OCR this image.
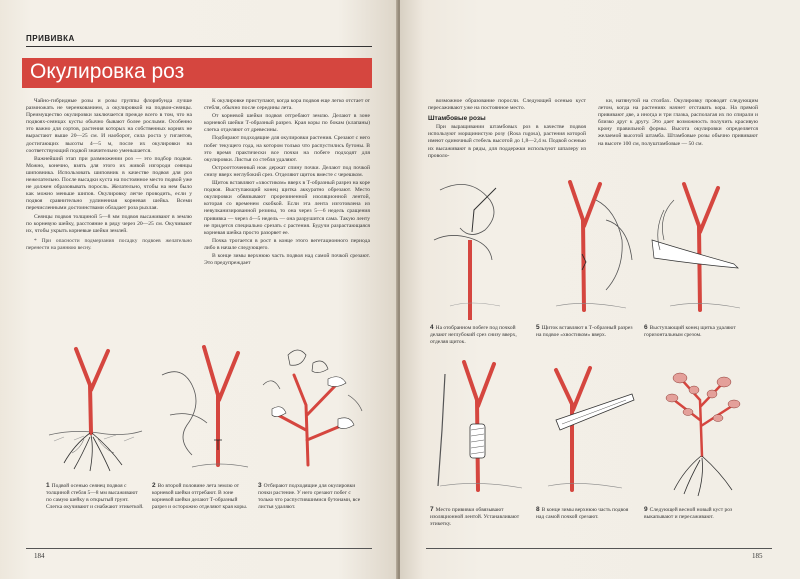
ПРИВИВКА
Окулировка роз

Чайно-гибридные розы и розы группы флорибунда лучше размножать не черенкованием, а окулировкой на подвои-сеянцы. Преимущество окулировки заключается прежде всего в том, что на подвоях-сеянцах кусты обычно бывают более рослыми. Особенно это важно для сортов, растения которых на собственных корнях не вырастают выше 20—25 см. И наоборот, сила роста у гигантов, достигающих высоты 4—5 м, после их окулировки на соответствующий подвой значительно уменьшается.

Важнейший этап при размножении роз — это подбор подвоя. Можно, конечно, взять для этого их живой изгороди сеянцы шиповника. Использовать шиповник в качестве подвоя для роз нежелательно. После высадки куста на постоянное место подвой уже не должен образовывать поросль. Желательно, чтобы на нем было как можно меньше шипов. Окулировку легче проводить, если у подвоя сравнительно удлиненная корневая шейка. Всеми перечисленными достоинствами обладает роза рыхлая.

Сеянцы подвоя толщиной 5—8 мм подвоя высаживают в землю по корневую шейку, расстояние в ряду через 20—25 см. Окучивают их, чтобы укрыть корневые шейки землей.

* При опасности подмерзания посадку подвоев желательно перенести на раннюю весну.

К окулировке приступают, когда кора подвоя еще легко отстает от стебля, обычно после середины лета.

От корневой шейки подвоя отгребают землю. Делают в зоне корневой шейки Т-образный разрез. Края коры по бокам (клапаны) слегка отделяют от древесины.

Подбирают подходящие для окулировки растения. Срезают с него побег текущего года, на котором только что распустились бутоны. В это время практически все почки на побеге подходят для окулировки. Листья со стебля удаляют.

Остроотточенный нож держат спину почки. Делают под почкой снизу вверх неглубокий срез. Отделяют щиток вместе с черешком.

Щиток вставляют «хвостиком» вверх в Т-образный разрез на коре подвоя. Выступающий конец щитка аккуратно обрезают. Место окулировки обвязывают прорезиненной изоляционной лентой, которая со временем скобкой. Если эта лента изготовлена из невулканизированной резины, то она через 5—6 недель сращения прививка — через 4—5 недель — она разрушится сама. Такую ленту не придется специально срезать с растения. Будучи разрастающаяся корневая шейка просто разорвет ее.

Почка трогается в рост в конце этого вегетационного периода либо в начале следующего.

В конце зимы верхнюю часть подвоя над самой почкой срезают. Это предупреждает

1 Подвой осенью сеянец подвоя с толщиной стебля 5—8 мм высаживают по самую шейку в открытый грунт. Слегка окучивают и снабжают этикеткой.
2 Во второй половине лета землю от корневой шейки отгребают. В зоне корневой шейки делают Т-образный разрез и осторожно отделяют края коры.
3 Отбирают подходящие для окулировки почки растение. У него срезают побег с только что распустившимися бутонами, все листья удаляют.
184

возможное образование поросли. Следующей осенью куст пересаживают уже на постоянное место.

Штамбовые розы

При выращивании штамбовых роз в качестве подвоя используют морщинистую розу (Rosa rugosa), растения которой имеют одиночный стебель высотой до 1,8—2,4 м. Подвой осенью их высаживают в ряды, для поддержки используют шпалеру из проволо-

ки, натянутой на столбах. Окулировку проводят следующим летом, когда на растениях начнет отставать кора. На прямой прививают две, а иногда и три глазка, располагая их по спирали и близко друг к другу. Это дает возможность получить красивую крону правильной формы. Высота окулировки определяется желаемой высотой штамба. Штамбовые розы обычно прививают на высоте 100 см, полуштамбовые — 50 см.

4 На отобранном побеге под почкой делают неглубокий срез снизу вверх, отделяя щиток.
5 Щиток вставляют в Т-образный разрез на подвое «хвостиком» вверх.
6 Выступающий конец щитка удаляют горизонтальным срезом.
7 Место прививки обвязывают изоляционной лентой. Устанавливают этикетку.
8 В конце зимы верхнюю часть подвоя над самой почкой срезают.
9 Следующей весной новый куст роз выкапывают и пересаживают.
185
